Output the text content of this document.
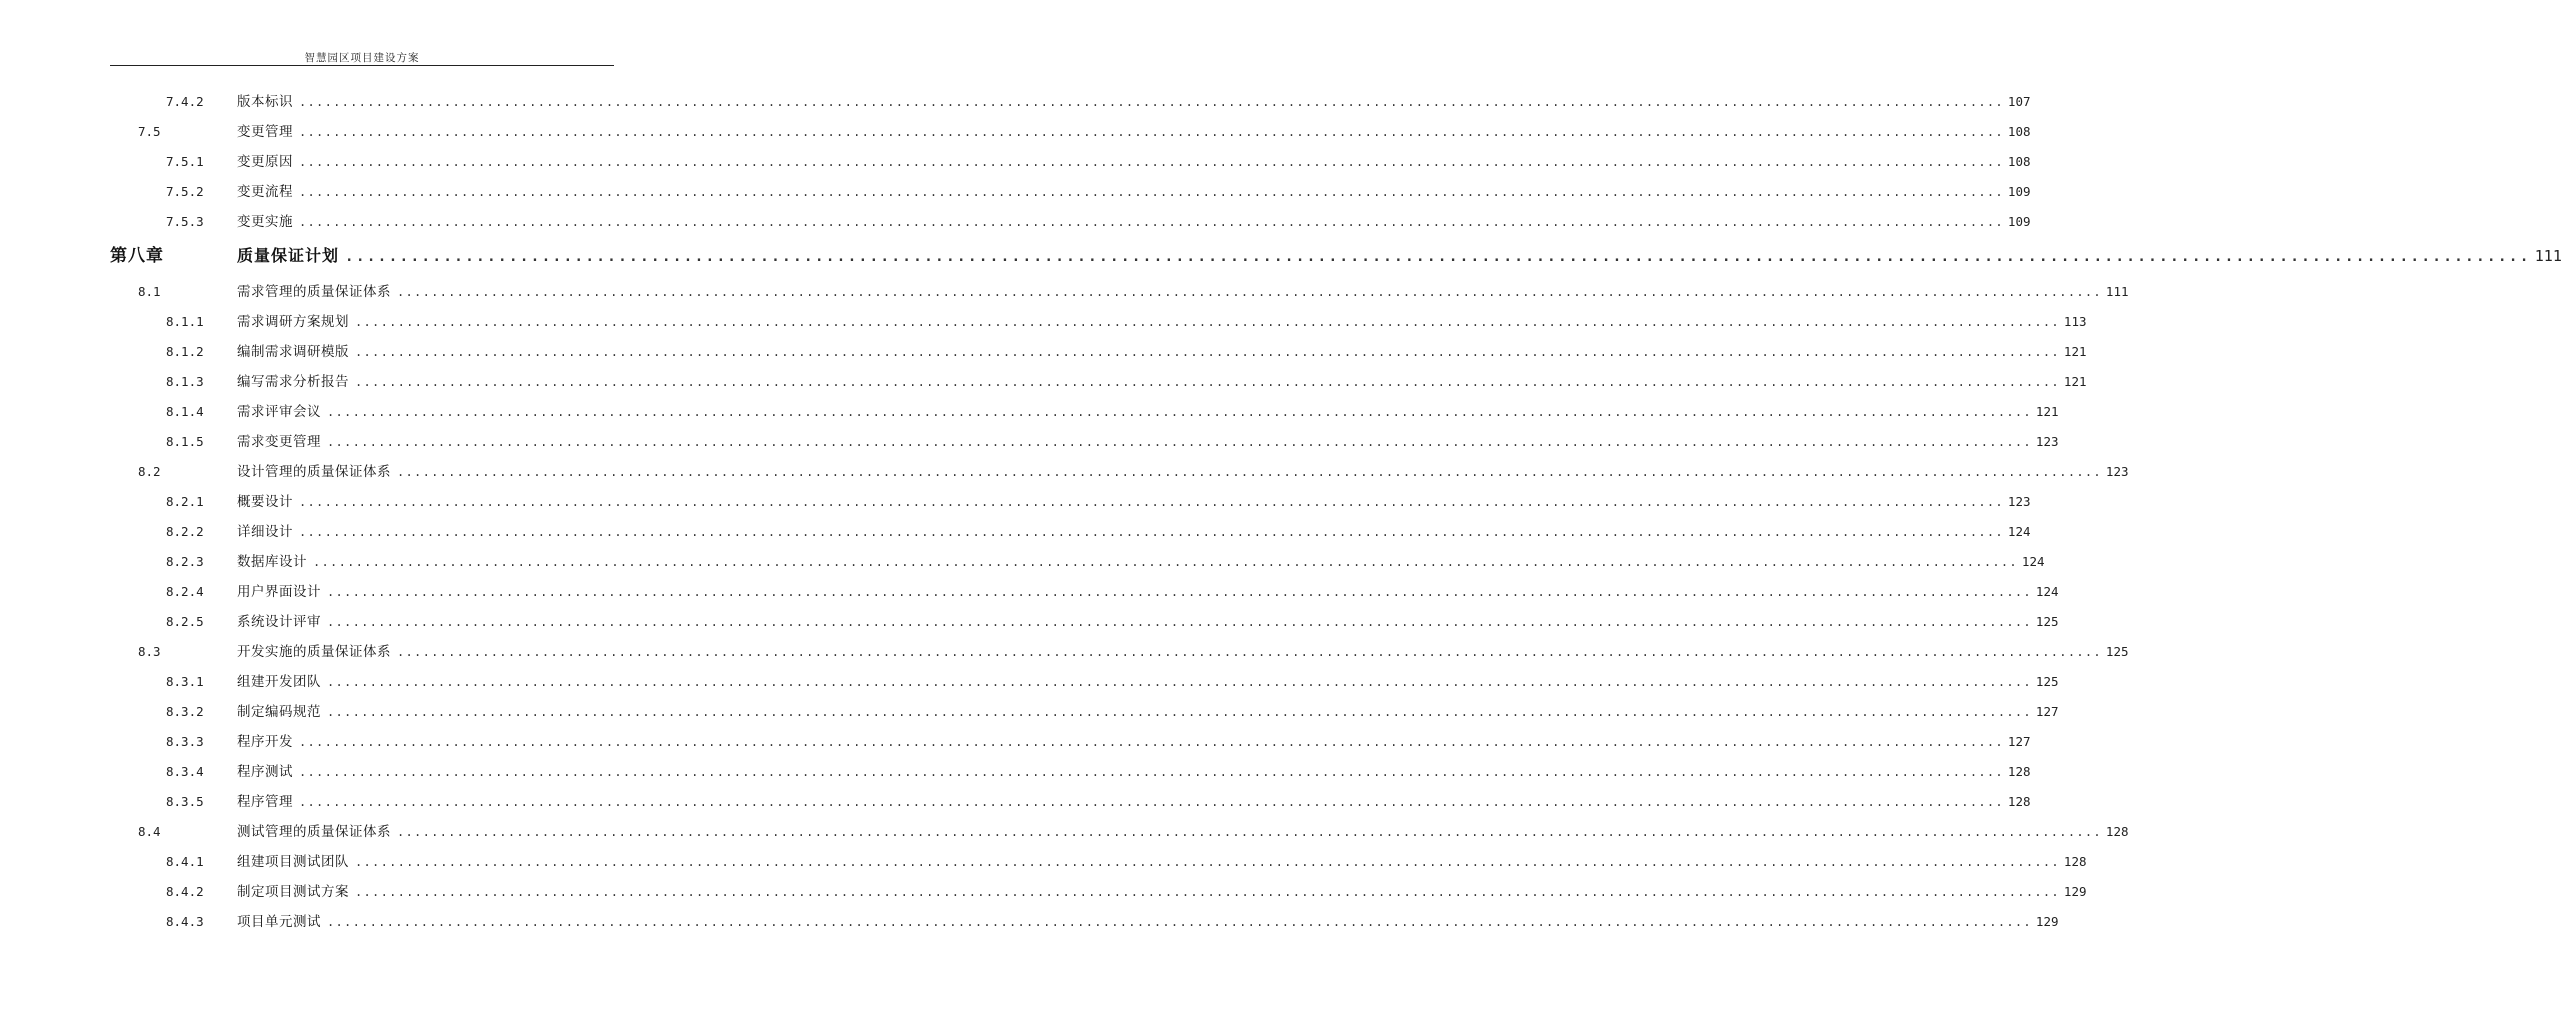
智慧园区项目建设方案
7.4.2 版本标识 ........................................................................................................................................................................................................ 107
7.5	变更管理 ........................................................................................................................................................................................................ 108
7.5.1 变更原因 ........................................................................................................................................................................................................ 108
7.5.2 变更流程 ........................................................................................................................................................................................................ 109
7.5.3 变更实施 ........................................................................................................................................................................................................ 109
第八章	质量保证计划 ........................................................................................................................................................................................................ 111
8.1	需求管理的质量保证体系 ........................................................................................................................................................................................................ 111
8.1.1 需求调研方案规划 ........................................................................................................................................................................................................ 113
8.1.2 编制需求调研模版 ........................................................................................................................................................................................................ 121
8.1.3 编写需求分析报告 ........................................................................................................................................................................................................ 121
8.1.4 需求评审会议 ........................................................................................................................................................................................................ 121
8.1.5 需求变更管理 ........................................................................................................................................................................................................ 123
8.2	设计管理的质量保证体系 ........................................................................................................................................................................................................ 123
8.2.1 概要设计 ........................................................................................................................................................................................................ 123
8.2.2 详细设计 ........................................................................................................................................................................................................ 124
8.2.3 数据库设计 ........................................................................................................................................................................................................ 124
8.2.4 用户界面设计 ........................................................................................................................................................................................................ 124
8.2.5 系统设计评审 ........................................................................................................................................................................................................ 125
8.3	开发实施的质量保证体系 ........................................................................................................................................................................................................ 125
8.3.1 组建开发团队 ........................................................................................................................................................................................................ 125
8.3.2 制定编码规范 ........................................................................................................................................................................................................ 127
8.3.3 程序开发 ........................................................................................................................................................................................................ 127
8.3.4 程序测试 ........................................................................................................................................................................................................ 128
8.3.5 程序管理 ........................................................................................................................................................................................................ 128
8.4	测试管理的质量保证体系 ........................................................................................................................................................................................................ 128
8.4.1 组建项目测试团队 ........................................................................................................................................................................................................ 128
8.4.2 制定项目测试方案 ........................................................................................................................................................................................................ 129
8.4.3 项目单元测试 ........................................................................................................................................................................................................ 129
